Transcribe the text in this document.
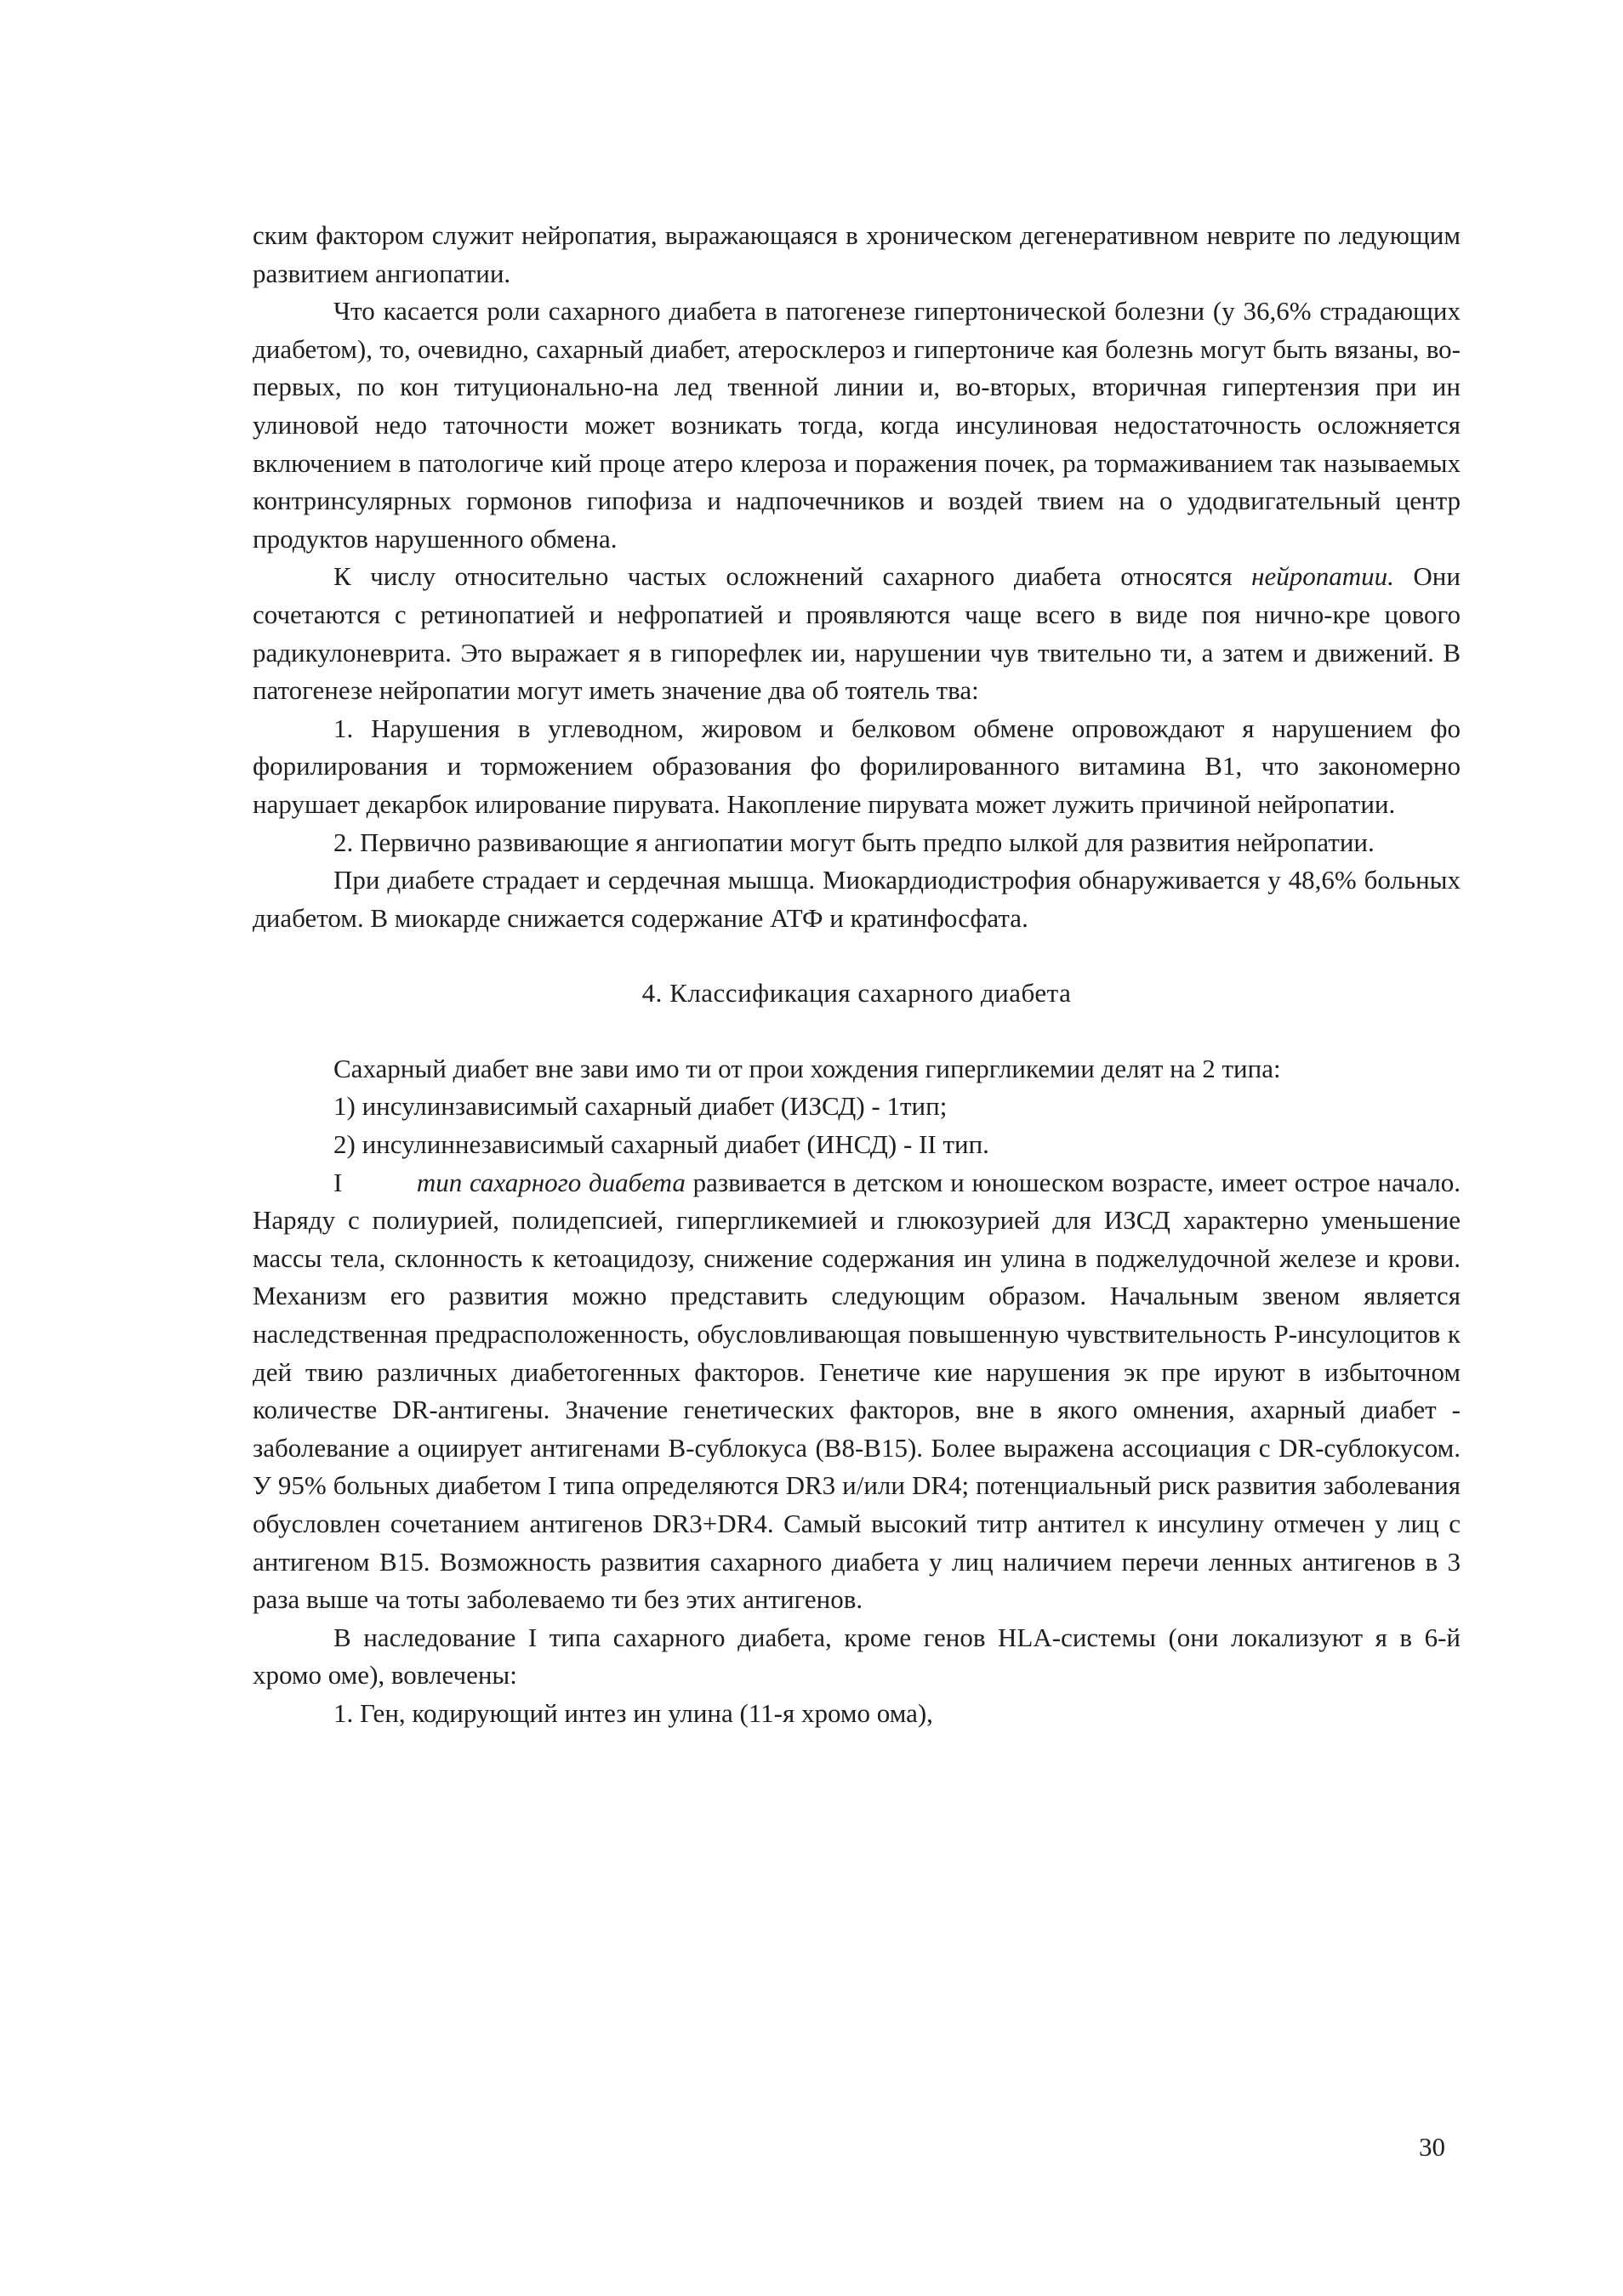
ским фактором служит нейропатия, выражающаяся в хроническом дегенеративном неврите по ледующим развитием ангиопатии.

Что касается роли сахарного диабета в патогенезе гипертонической болезни (у 36,6% страдающих диабетом), то, очевидно, сахарный диабет, атеросклероз и гипертониче кая болезнь могут быть вязаны, во-первых, по кон титуционально-на лед твенной линии и, во-вторых, вторичная гипертензия при ин улиновой недо таточности может возникать тогда, когда инсулиновая недостаточность осложняется включением в патологиче кий проце атеро клероза и поражения почек, ра тормаживанием так называемых контринсулярных гормонов гипофиза и надпочечников и воздей твием на о удодвигательный центр продуктов нарушенного обмена.

К числу относительно частых осложнений сахарного диабета относятся нейропатии. Они сочетаются с ретинопатией и нефропатией и проявляются чаще всего в виде поя нично-кре цового радикулоневрита. Это выражает я в гипорефлек ии, нарушении чув твительно ти, а затем и движений. В патогенезе нейропатии могут иметь значение два об тоятель тва:

1. Нарушения в углеводном, жировом и белковом обмене опровождают я нарушением фо форилирования и торможением образования фо форилированного витамина В1, что закономерно нарушает декарбок илирование пирувата. Накопление пирувата может лужить причиной нейропатии.

2. Первично развивающие я ангиопатии могут быть предпо ылкой для развития нейропатии.

При диабете страдает и сердечная мышца. Миокардиодистрофия обнаруживается у 48,6% больных диабетом. В миокарде снижается содержание АТФ и кратинфосфата.

4. Классификация сахарного диабета

Сахарный диабет вне зави имо ти от прои хождения гипергликемии делят на 2 типа:

1) инсулинзависимый сахарный диабет (ИЗСД) - 1тип;

2) инсулиннезависимый сахарный диабет (ИНСД) - II тип.

I	тип сахарного диабета развивается в детском и юношеском возрасте, имеет острое начало. Наряду с полиурией, полидепсией, гипергликемией и глюкозурией для ИЗСД характерно уменьшение массы тела, склонность к кетоацидозу, снижение содержания ин улина в поджелудочной железе и крови. Механизм его развития можно представить следующим образом. Начальным звеном является наследственная предрасположенность, обусловливающая повышенную чувствительность Р-инсулоцитов к дей твию различных диабетогенных факторов. Генетиче кие нарушения эк пре ируют в избыточном количестве DR-антигены. Значение генетических факторов, вне в якого омнения, ахарный диабет - заболевание а оциирует антигенами В-сублокуса (В8-В15). Более выражена ассоциация с DR-сублокусом. У 95% больных диабетом I типа определяются DR3 и/или DR4; потенциальный риск развития заболевания обусловлен сочетанием антигенов DR3+DR4. Самый высокий титр антител к инсулину отмечен у лиц с антигеном В15. Возможность развития сахарного диабета у лиц наличием перечи ленных антигенов в 3 раза выше ча тоты заболеваемо ти без этих антигенов.

В наследование I типа сахарного диабета, кроме генов HLA-системы (они локализуют я в 6-й хромо оме), вовлечены:

1. Ген, кодирующий интез ин улина (11-я хромо ома),

30
